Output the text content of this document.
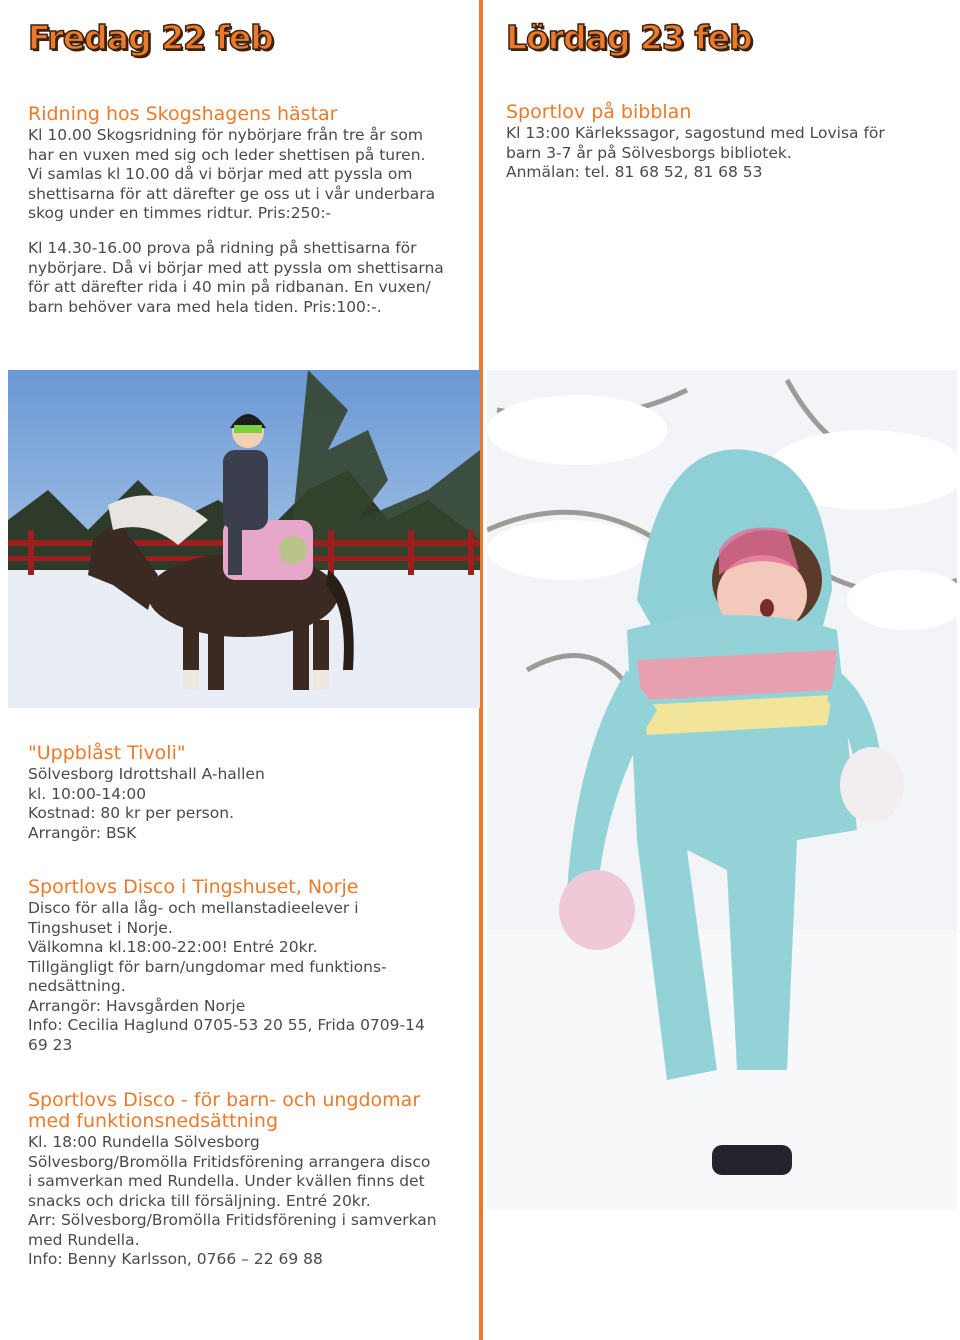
Fredag 22 feb
Ridning hos Skogshagens hästar

Kl 10.00 Skogsridning för nybörjare från tre år som

har en vuxen med sig och leder shettisen på turen.

Vi samlas kl 10.00 då vi börjar med att pyssla om

shettisarna för att därefter ge oss ut i vår underbara

skog under en timmes ridtur. Pris:250:-

Kl 14.30-16.00 prova på ridning på shettisarna för

nybörjare. Då vi börjar med att pyssla om shettisarna

för att därefter rida i 40 min på ridbanan. En vuxen/

barn behöver vara med hela tiden. Pris:100:-.

"Uppblåst Tivoli"

Sölvesborg Idrottshall A-hallen

kl. 10:00-14:00

Kostnad: 80 kr per person.

Arrangör: BSK

Sportlovs Disco i Tingshuset, Norje

Disco för alla låg- och mellanstadieelever i

Tingshuset i Norje.

Välkomna kl.18:00-22:00! Entré 20kr.

Tillgängligt för barn/ungdomar med funktions-

nedsättning.

Arrangör: Havsgården Norje

Info: Cecilia Haglund 0705-53 20 55, Frida 0709-14

69 23

Sportlovs Disco - för barn- och ungdomar
med funktionsnedsättning

Kl. 18:00 Rundella Sölvesborg

Sölvesborg/Bromölla Fritidsförening arrangera disco

i samverkan med Rundella. Under kvällen finns det

snacks och dricka till försäljning. Entré 20kr.

Arr: Sölvesborg/Bromölla Fritidsförening i samverkan

med Rundella.

Info: Benny Karlsson, 0766 – 22 69 88

Lördag 23 feb
Sportlov på bibblan

Kl 13:00 Kärlekssagor, sagostund med Lovisa för

barn 3-7 år på Sölvesborgs bibliotek.

Anmälan: tel. 81 68 52, 81 68 53
